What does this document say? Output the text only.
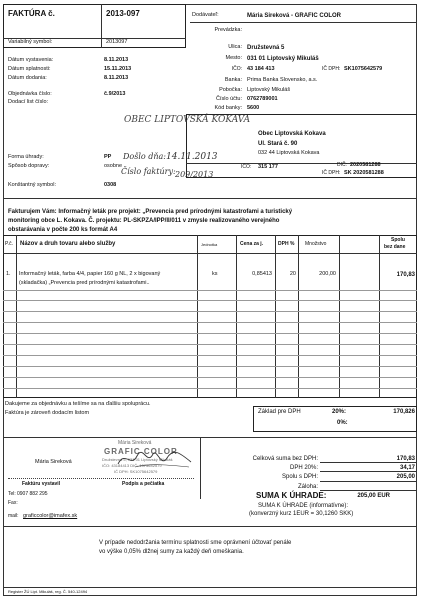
FAKTÚRA č.	2013-097
Variabilný symbol:	2013097
Dátum vystavenia:	8.11.2013
Dátum splatnosti:	15.11.2013
Dátum dodania:	8.11.2013
Objednávka číslo:	č.9/2013
Dodací list číslo:
Dodávateľ:	Mária Sireková - GRAFIC COLOR
Prevádzka:
Ulica: Družstevná 5
Mesto: 031 01 Liptovský Mikuláš
IČO: 43 184 413	IČ DPH: SK1075642579
Banka: Prima Banka Slovensko, a.s.
Pobočka: Liptovský Mikuláš
Číslo účtu: 0762789001
Kód banky: 5600
OBEC LIPTOVSKÁ KOKAVA
Obec Liptovská Kokava
Ul. Stará č. 90
032 44 Liptovská Kokava
IČO: 315 177	DIČ: 2020581288
IČ DPH: SK 2020581288
Došlo dňa: 14.11.2013
Číslo faktúry: 209/2013
Forma úhrady:	PP
Spôsob dopravy:	osobne
Konštantný symbol:	0308
Fakturujem Vám: Informačný leták pre projekt: „Prevencia pred prírodnými katastrofami a turistický
monitoring obce L. Kokava. Č. projektu: PL-SKPZA/IPP/II/011 v zmysle realizovaného verejného
obstarávania v počte 200 ks formát A4
P.č. Názov a druh tovaru alebo služby	Jednotka	Cena za j.	DPH % Množstvo
Spolu
bez dane
1. Informačný leták, farba 4/4, papier 160 g NL, 2 x bigovaný
(skladačka) „Prevencia pred prírodnými katastrofami..
ks	0,85413	20	200,00	170,83
Dakujeme za objednávku a tešíme sa na ďalšiu spoluprácu.
Faktúra je zároveň dodacím listom	Základ pre DPH	20%:	170,826
0%:
Mária Sireková
GRAFIC COLOR
Družstevná 5, 031 01 Liptovský Mikuláš
IČO: 43184413 DIČ: 1075642579
IČ DPH: SK1075642579
Mária Sireková
Faktúru vystavil	Podpis a pečiatka
Tel: 0907 882 295
Fax:
mail: graficcolor@imafex.sk
Celková suma bez DPH:	170,83
DPH 20%:	34,17
Spolu s DPH:	205,00
Záloha:
SUMA K ÚHRADE:	205,00 EUR
SUMA K ÚHRADE (informatívne):
(konverzný kurz 1EUR = 30,1260 SKK)
V prípade nedodržania termínu splatnosti sme oprávnení účtovať penále
vo výške 0,05% dlžnej sumy za každý deň omeškania.
Register ŽÚ Lipt. Mikuláš, reg. Č. 540-12494
